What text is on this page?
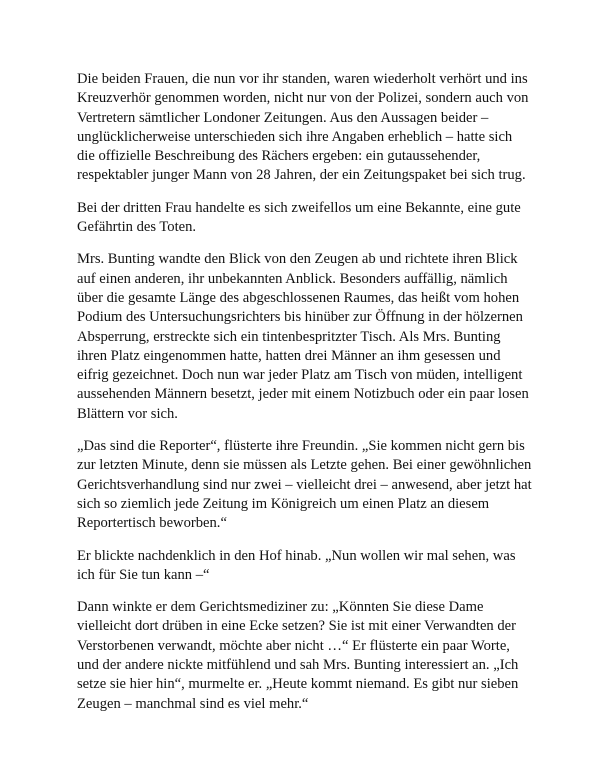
Die beiden Frauen, die nun vor ihr standen, waren wiederholt verhört und ins Kreuzverhör genommen worden, nicht nur von der Polizei, sondern auch von Vertretern sämtlicher Londoner Zeitungen. Aus den Aussagen beider – unglücklicherweise unterschieden sich ihre Angaben erheblich – hatte sich die offizielle Beschreibung des Rächers ergeben: ein gutaussehender, respektabler junger Mann von 28 Jahren, der ein Zeitungspaket bei sich trug.

Bei der dritten Frau handelte es sich zweifellos um eine Bekannte, eine gute Gefährtin des Toten.

Mrs. Bunting wandte den Blick von den Zeugen ab und richtete ihren Blick auf einen anderen, ihr unbekannten Anblick. Besonders auffällig, nämlich über die gesamte Länge des abgeschlossenen Raumes, das heißt vom hohen Podium des Untersuchungsrichters bis hinüber zur Öffnung in der hölzernen Absperrung, erstreckte sich ein tintenbespritzter Tisch. Als Mrs. Bunting ihren Platz eingenommen hatte, hatten drei Männer an ihm gesessen und eifrig gezeichnet. Doch nun war jeder Platz am Tisch von müden, intelligent aussehenden Männern besetzt, jeder mit einem Notizbuch oder ein paar losen Blättern vor sich.

„Das sind die Reporter“, flüsterte ihre Freundin. „Sie kommen nicht gern bis zur letzten Minute, denn sie müssen als Letzte gehen. Bei einer gewöhnlichen Gerichtsverhandlung sind nur zwei – vielleicht drei – anwesend, aber jetzt hat sich so ziemlich jede Zeitung im Königreich um einen Platz an diesem Reportertisch beworben.“

Er blickte nachdenklich in den Hof hinab. „Nun wollen wir mal sehen, was ich für Sie tun kann –“

Dann winkte er dem Gerichtsmediziner zu: „Könnten Sie diese Dame vielleicht dort drüben in eine Ecke setzen? Sie ist mit einer Verwandten der Verstorbenen verwandt, möchte aber nicht …“ Er flüsterte ein paar Worte, und der andere nickte mitfühlend und sah Mrs. Bunting interessiert an. „Ich setze sie hier hin“, murmelte er. „Heute kommt niemand. Es gibt nur sieben Zeugen – manchmal sind es viel mehr.“
